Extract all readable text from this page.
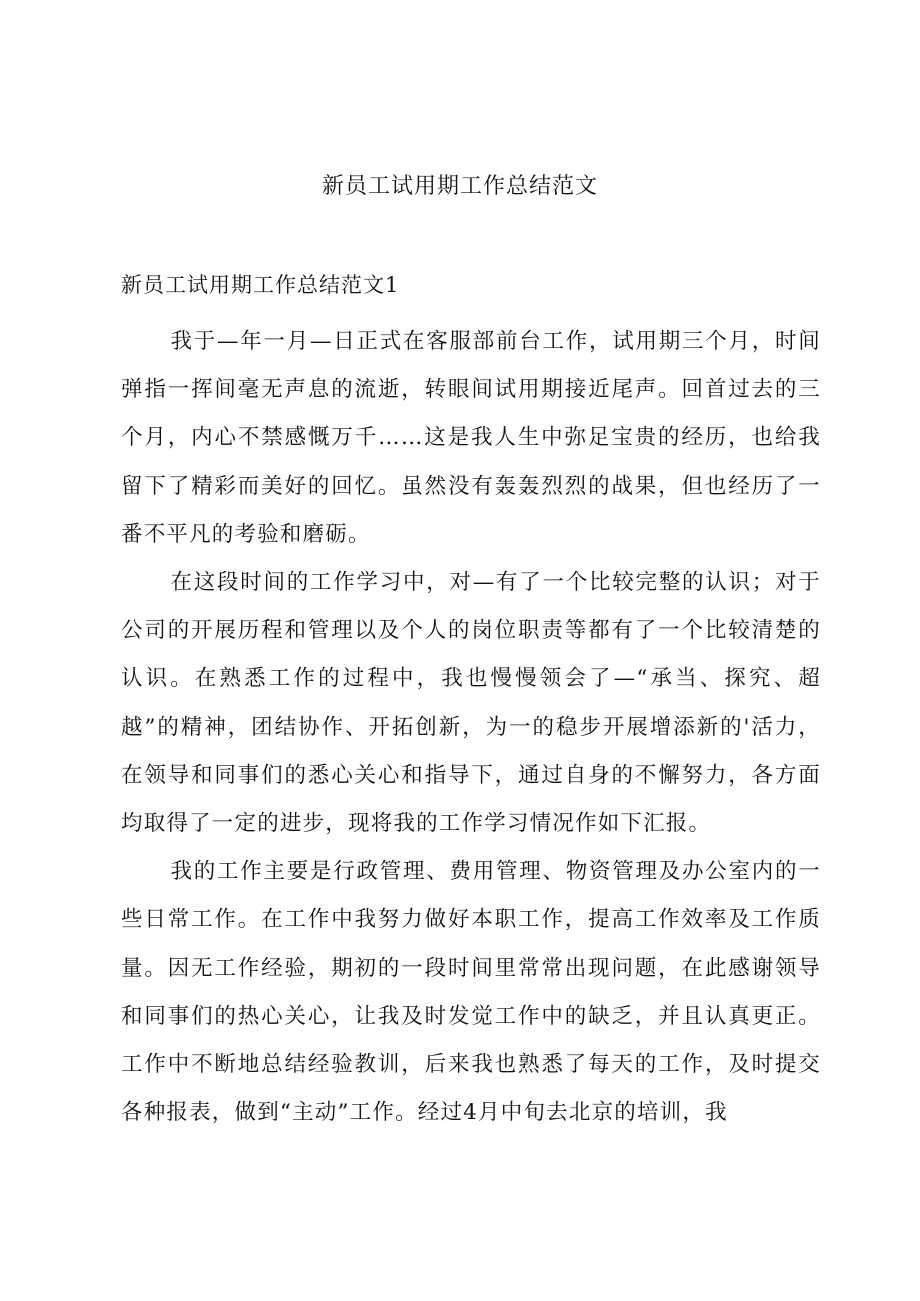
新员工试用期工作总结范文
新员工试用期工作总结范文1

我于—年一月—日正式在客服部前台工作，试用期三个月，时间弹指一挥间毫无声息的流逝，转眼间试用期接近尾声。回首过去的三个月，内心不禁感慨万千……这是我人生中弥足宝贵的经历，也给我留下了精彩而美好的回忆。虽然没有轰轰烈烈的战果，但也经历了一番不平凡的考验和磨砺。

在这段时间的工作学习中，对—有了一个比较完整的认识；对于公司的开展历程和管理以及个人的岗位职责等都有了一个比较清楚的认识。在熟悉工作的过程中，我也慢慢领会了—“承当、探究、超越”的精神，团结协作、开拓创新，为一的稳步开展增添新的'活力，在领导和同事们的悉心关心和指导下，通过自身的不懈努力，各方面均取得了一定的进步，现将我的工作学习情况作如下汇报。

我的工作主要是行政管理、费用管理、物资管理及办公室内的一些日常工作。在工作中我努力做好本职工作，提高工作效率及工作质量。因无工作经验，期初的一段时间里常常出现问题，在此感谢领导和同事们的热心关心，让我及时发觉工作中的缺乏，并且认真更正。工作中不断地总结经验教训，后来我也熟悉了每天的工作，及时提交各种报表，做到“主动”工作。经过4月中旬去北京的培训，我
